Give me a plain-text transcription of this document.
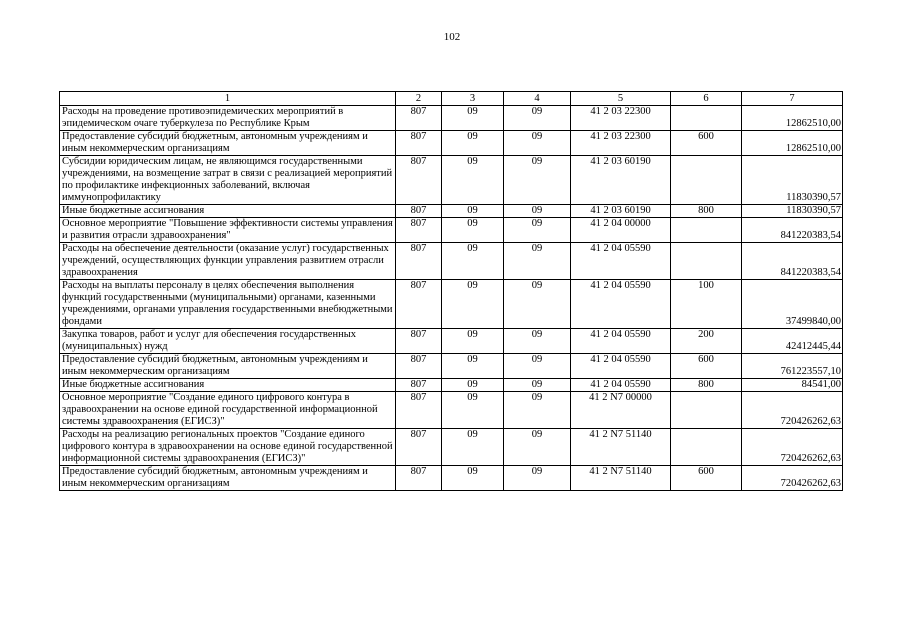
102
1	2	3	4	5	6	7
Расходы на проведение противоэпидемических мероприятий в эпидемическом очаге туберкулеза по Республике Крым	807	09	09	41 2 03 22300		12862510,00
Предоставление субсидий бюджетным, автономным учреждениям и иным некоммерческим организациям	807	09	09	41 2 03 22300	600	12862510,00
Субсидии юридическим лицам, не являющимся государственными учреждениями, на возмещение затрат в связи с реализацией мероприятий по профилактике инфекционных заболеваний, включая иммунопрофилактику	807	09	09	41 2 03 60190		11830390,57
Иные бюджетные ассигнования	807	09	09	41 2 03 60190	800	11830390,57
Основное мероприятие "Повышение эффективности системы управления и развития отрасли здравоохранения"	807	09	09	41 2 04 00000		841220383,54
Расходы на обеспечение деятельности (оказание услуг) государственных учреждений, осуществляющих функции управления развитием отрасли здравоохранения	807	09	09	41 2 04 05590		841220383,54
Расходы на выплаты персоналу в целях обеспечения выполнения функций государственными (муниципальными) органами, казенными учреждениями, органами управления государственными внебюджетными фондами	807	09	09	41 2 04 05590	100	37499840,00
Закупка товаров, работ и услуг для обеспечения государственных (муниципальных) нужд	807	09	09	41 2 04 05590	200	42412445,44
Предоставление субсидий бюджетным, автономным учреждениям и иным некоммерческим организациям	807	09	09	41 2 04 05590	600	761223557,10
Иные бюджетные ассигнования	807	09	09	41 2 04 05590	800	84541,00
Основное мероприятие "Создание единого цифрового контура в здравоохранении на основе единой государственной информационной системы здравоохранения (ЕГИСЗ)"	807	09	09	41 2 N7 00000		720426262,63
Расходы на реализацию региональных проектов "Создание единого цифрового контура в здравоохранении на основе единой государственной информационной системы здравоохранения (ЕГИСЗ)"	807	09	09	41 2 N7 51140		720426262,63
Предоставление субсидий бюджетным, автономным учреждениям и иным некоммерческим организациям	807	09	09	41 2 N7 51140	600	720426262,63
